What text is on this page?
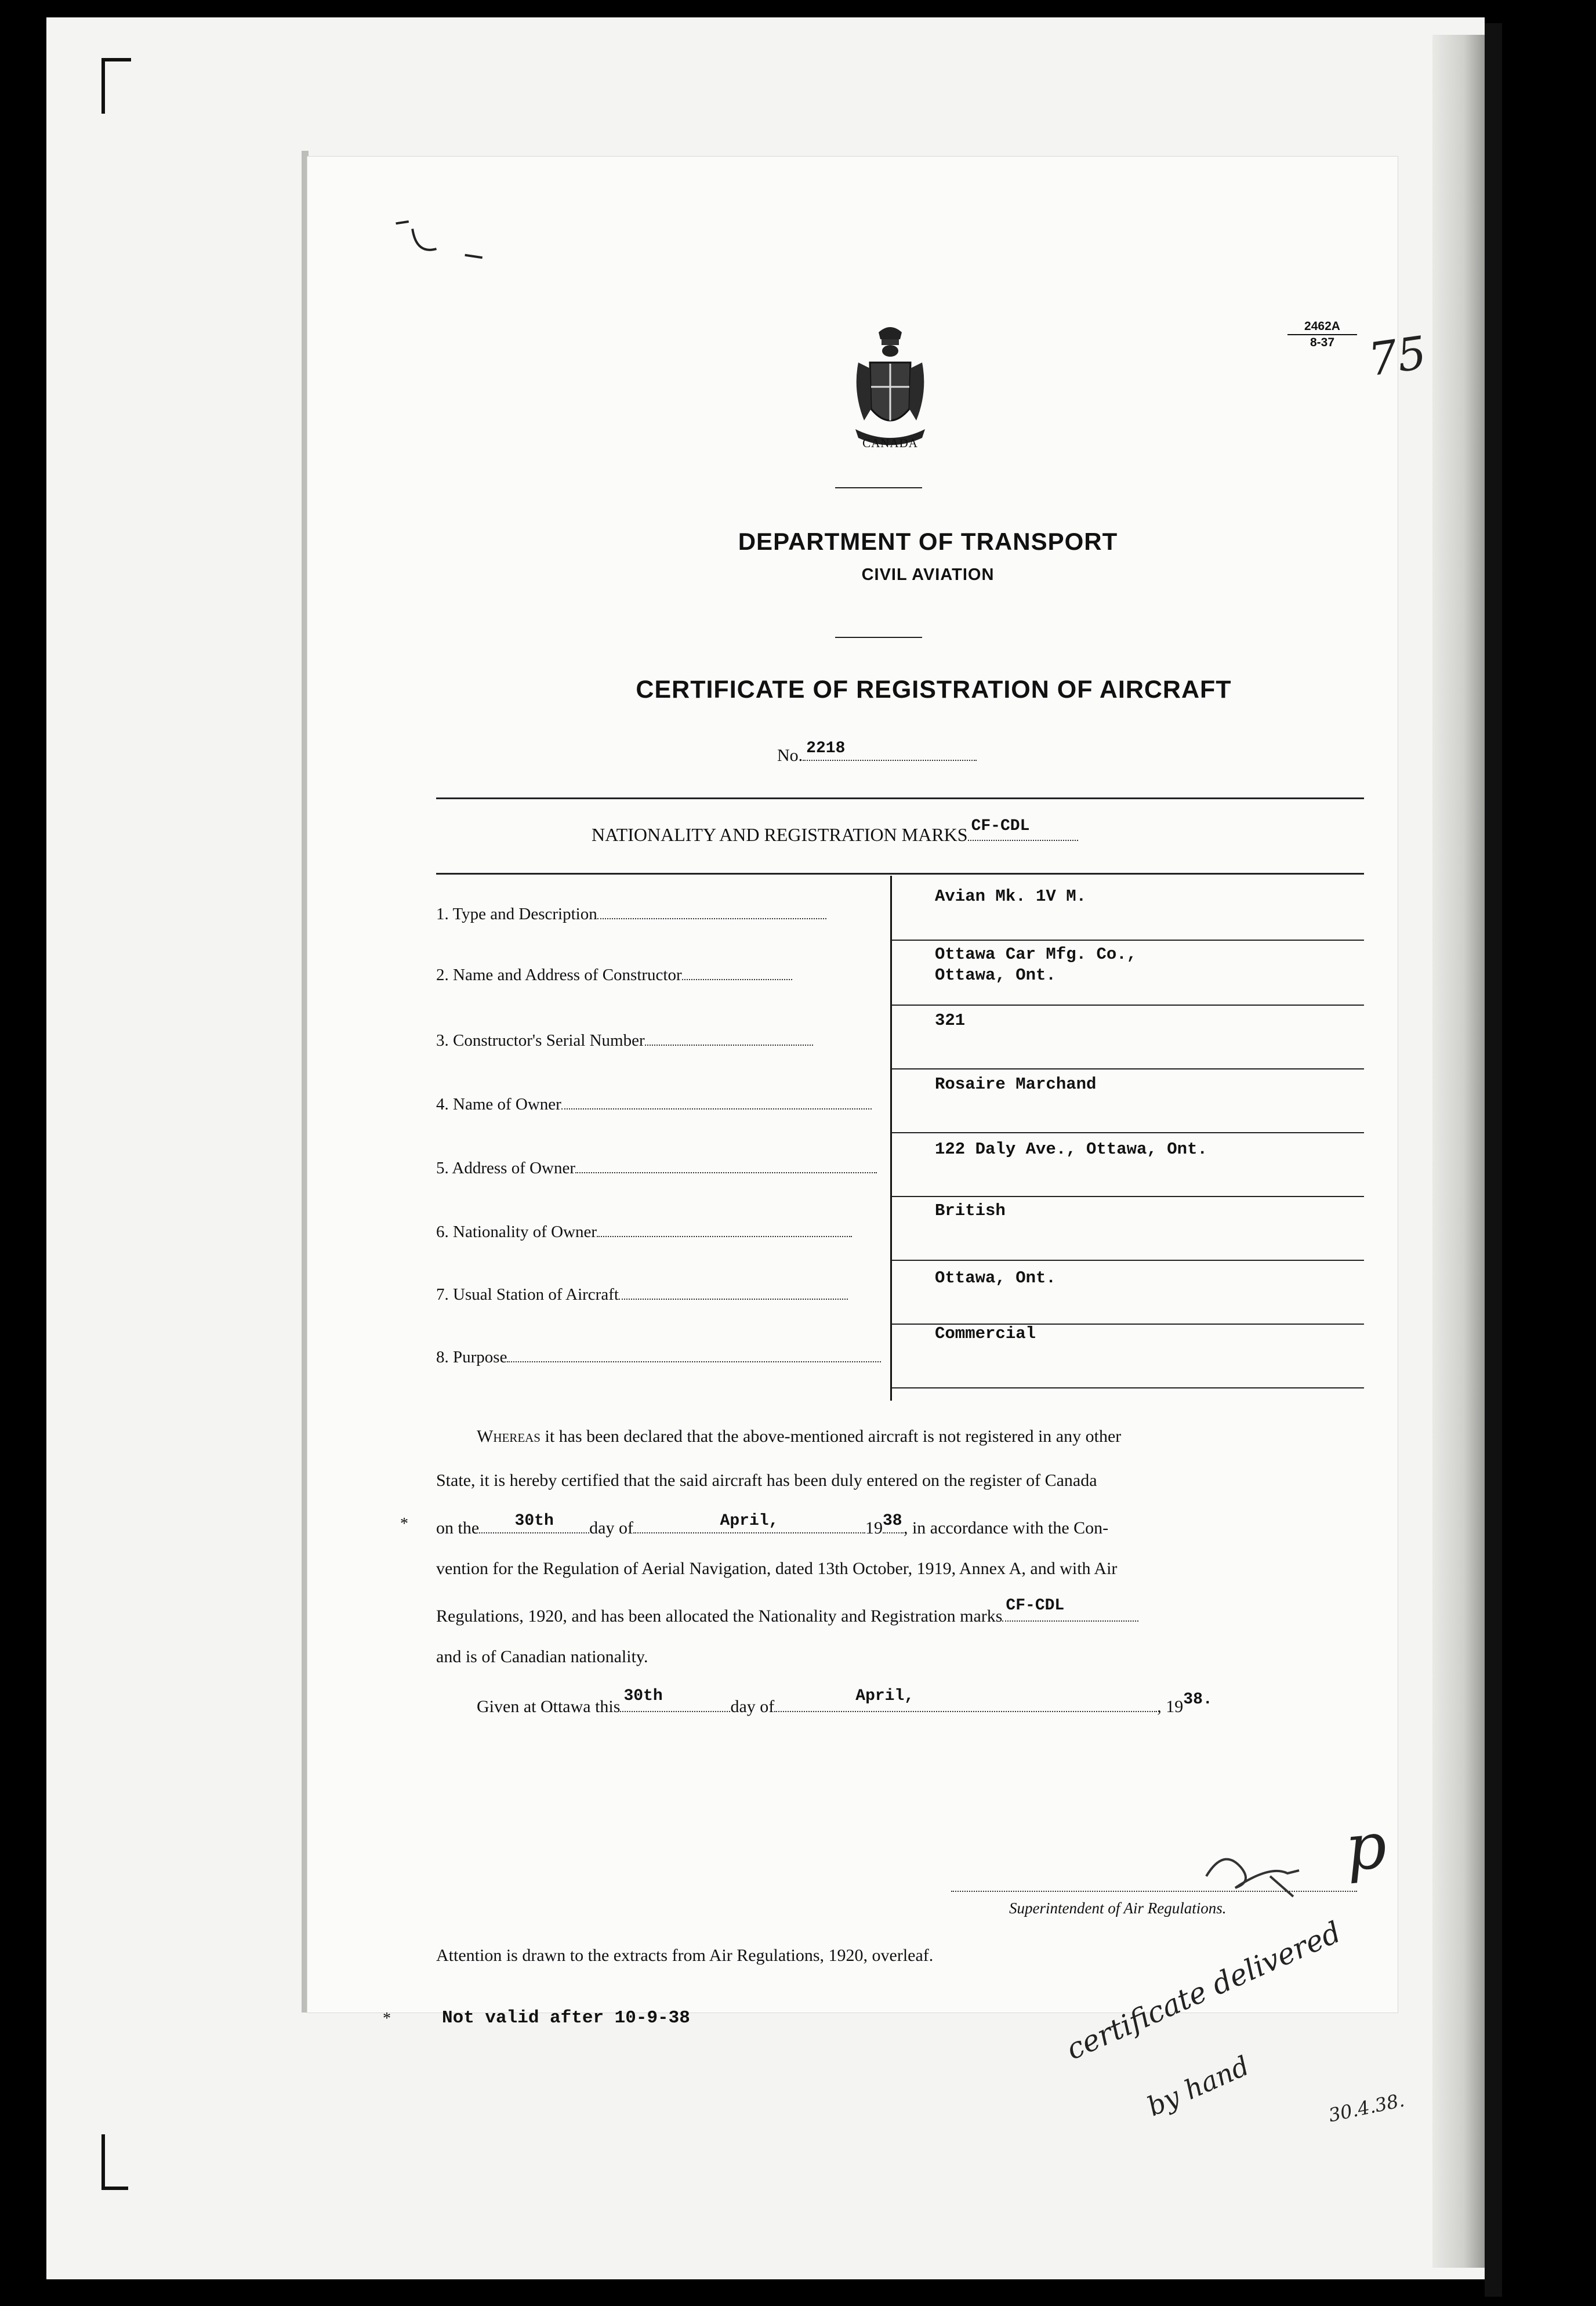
2462A
8-37
CANADA
DEPARTMENT OF TRANSPORT
CIVIL AVIATION
CERTIFICATE OF REGISTRATION OF AIRCRAFT
No. 2218
NATIONALITY AND REGISTRATION MARKS CF-CDL
1. Type and Description
Avian Mk. 1V M.
2. Name and Address of Constructor
Ottawa Car Mfg. Co.,
Ottawa, Ont.
3. Constructor's Serial Number
321
4. Name of Owner
Rosaire Marchand
5. Address of Owner
122 Daly Ave., Ottawa, Ont.
6. Nationality of Owner
British
7. Usual Station of Aircraft
Ottawa, Ont.
8. Purpose
Commercial
Whereas it has been declared that the above-mentioned aircraft is not registered in any other
State, it is hereby certified that the said aircraft has been duly entered on the register of Canada
* on the	30th	day of	April,	19 38 , in accordance with the Con-
vention for the Regulation of Aerial Navigation, dated 13th October, 1919, Annex A, and with Air
Regulations, 1920, and has been allocated the Nationality and Registration marks
CF-CDL
and is of Canadian nationality.
Given at Ottawa this
30th
day of
April,
, 19 38.
Superintendent of Air Regulations.
Attention is drawn to the extracts from Air Regulations, 1920, overleaf.
*	Not valid after 10-9-38	certificate delivered
by hand	30.4.38.
75
p
